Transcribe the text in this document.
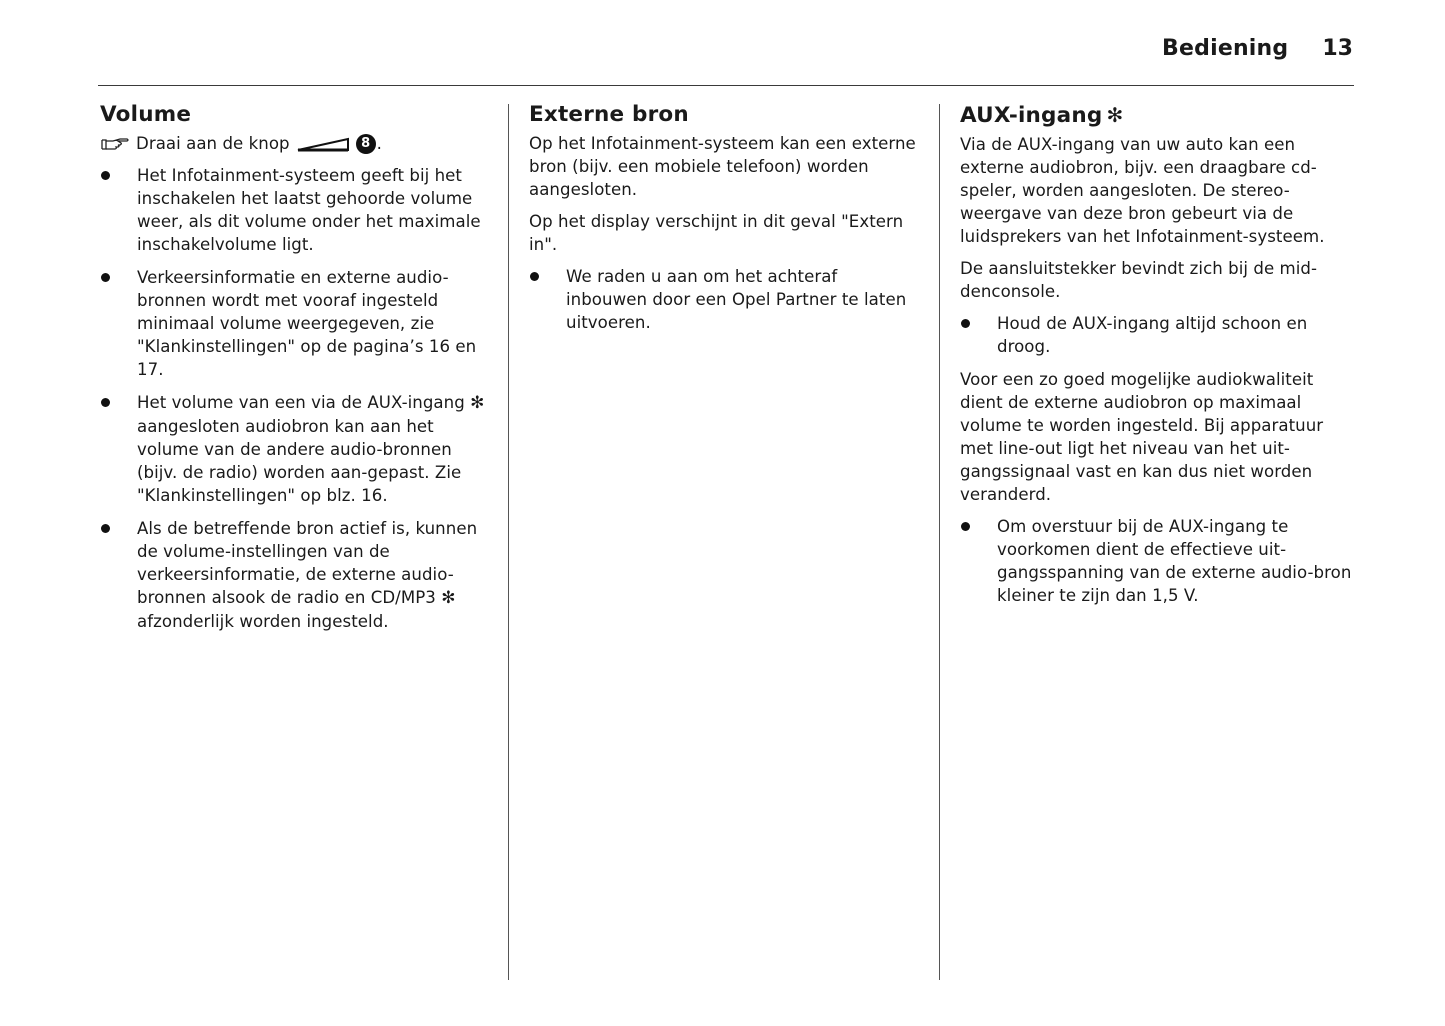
Bediening 13
Volume
Draai aan de knop	8 .
Het Infotainment-systeem geeft bij het inschakelen het laatst gehoorde volume weer, als dit volume onder het maximale inschakelvolume ligt.
Verkeersinformatie en externe audio-bronnen wordt met vooraf ingesteld minimaal volume weergegeven, zie "Klankinstellingen" op de pagina’s 16 en 17.
Het volume van een via de AUX-ingang ✻ aangesloten audiobron kan aan het volume van de andere audio-bronnen (bijv. de radio) worden aan-gepast. Zie "Klankinstellingen" op blz. 16.
Als de betreffende bron actief is, kunnen de volume-instellingen van de verkeersinformatie, de externe audio-bronnen alsook de radio en CD/MP3 ✻ afzonderlijk worden ingesteld.
Externe bron

Op het Infotainment-systeem kan een externe bron (bijv. een mobiele telefoon) worden aangesloten.

Op het display verschijnt in dit geval "Extern in".

We raden u aan om het achteraf inbouwen door een Opel Partner te laten uitvoeren.
AUX-ingang ✻

Via de AUX-ingang van uw auto kan een externe audiobron, bijv. een draagbare cd-speler, worden aangesloten. De stereo-weergave van deze bron gebeurt via de luidsprekers van het Infotainment-systeem.

De aansluitstekker bevindt zich bij de mid-denconsole.

Houd de AUX-ingang altijd schoon en droog.

Voor een zo goed mogelijke audiokwaliteit dient de externe audiobron op maximaal volume te worden ingesteld. Bij apparatuur met line-out ligt het niveau van het uit-gangssignaal vast en kan dus niet worden veranderd.

Om overstuur bij de AUX-ingang te voorkomen dient de effectieve uit-gangsspanning van de externe audio-bron kleiner te zijn dan 1,5 V.
